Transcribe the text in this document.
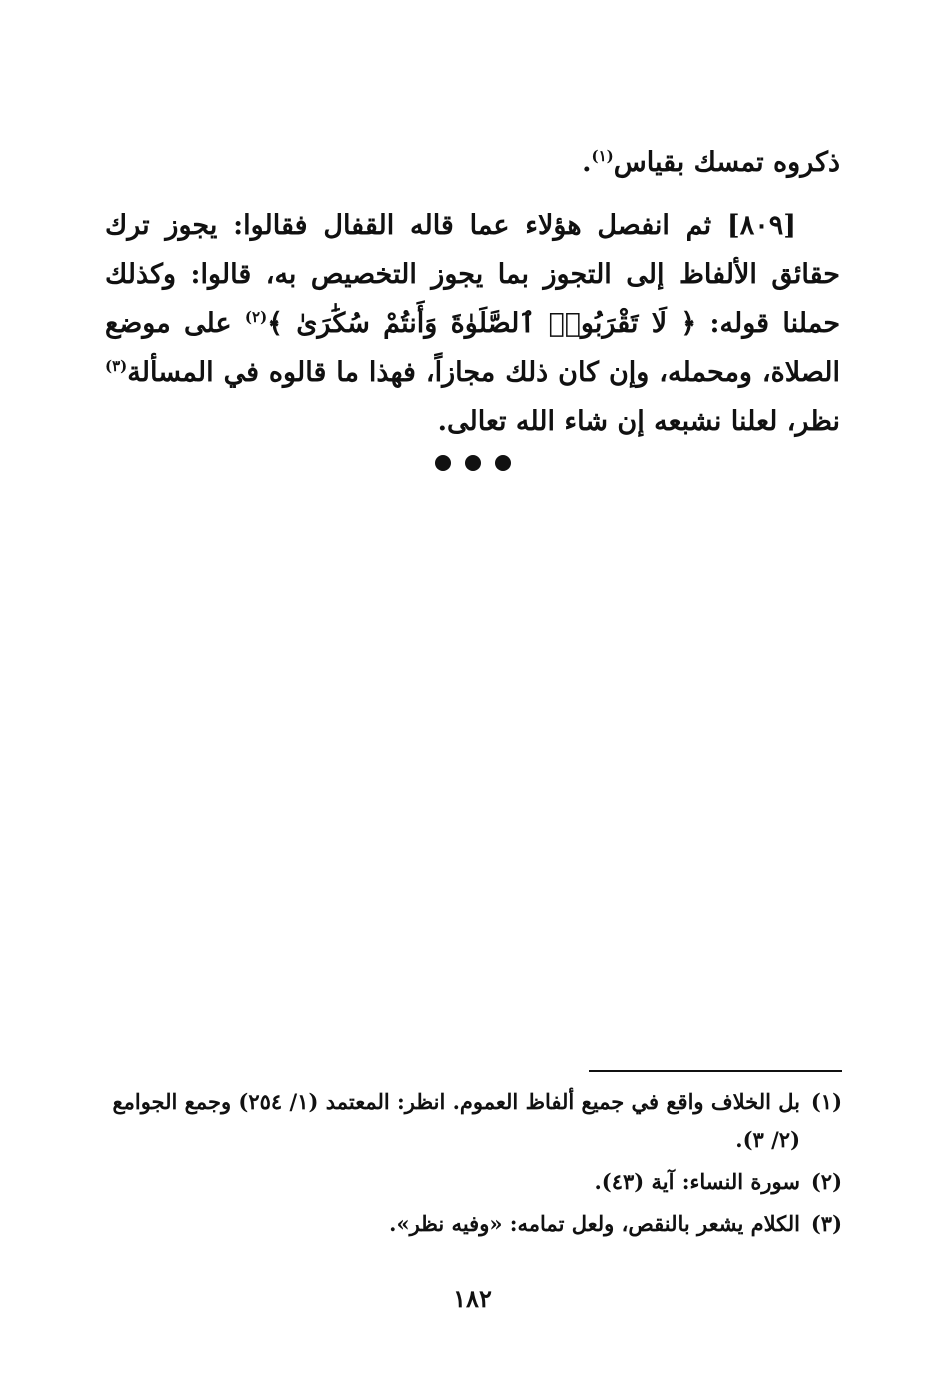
ذكروه تمسك بقياس$^{(١)}$.

[٨٠٩] ثم انفصل هؤلاء عما قاله القفال فقالوا: يجوز ترك حقائق الألفاظ إلى التجوز بما يجوز التخصيص به، قالوا: وكذلك حملنا قوله: ﴿ لَا تَقْرَبُوا۟ ٱلصَّلَوٰةَ وَأَنتُمْ سُكَٰرَىٰ ﴾$^{(٢)}$ على موضع الصلاة، ومحمله، وإن كان ذلك مجازاً، فهذا ما قالوه في المسألة$^{(٣)}$ نظر، لعلنا نشبعه إن شاء الله تعالى.

(١)
بل الخلاف واقع في جميع ألفاظ العموم. انظر: المعتمد (١/ ٢٥٤) وجمع الجوامع (٢/ ٣).
(٢)
سورة النساء: آية (٤٣).
(٣)
الكلام يشعر بالنقص، ولعل تمامه: «وفيه نظر».
١٨٢
